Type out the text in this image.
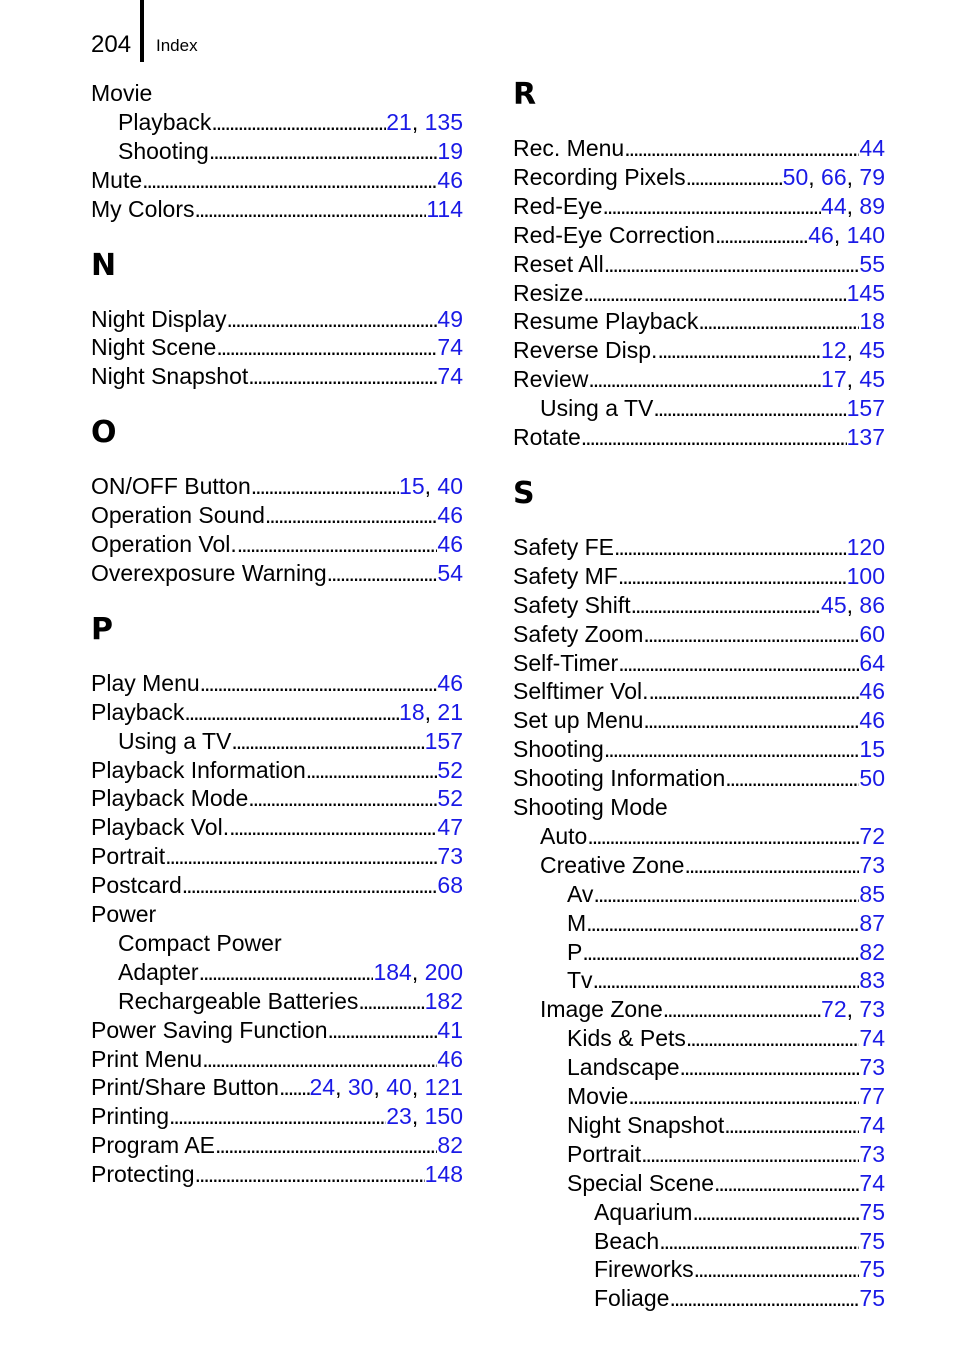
204 Index
Movie
Playback . . .	21, 135
Shooting . . .	19
Mute . . .	46
My Colors . . .	114
N
Night Display . . .	49
Night Scene . . .	74
Night Snapshot . . .	74
O
ON/OFF Button . . .	15, 40
Operation Sound . . .	46
Operation Vol. . . .	46
Overexposure Warning . . .	54
P
Play Menu . . .	46
Playback . . .	18, 21
Using a TV . . .	157
Playback Information . . .	52
Playback Mode . . .	52
Playback Vol. . . .	47
Portrait . . .	73
Postcard . . .	68
Power
Compact Power
Adapter . . .	184, 200
Rechargeable Batteries . . .	182
Power Saving Function . . .	41
Print Menu . . .	46
Print/Share Button . . . 24, 30, 40, 121
Printing . . .	23, 150
Program AE . . .	82
Protecting . . .	148
R
Rec. Menu . . .	44
Recording Pixels . . .	50, 66, 79
Red-Eye . . .	44, 89
Red-Eye Correction . . .	46, 140
Reset All . . .	55
Resize . . .	145
Resume Playback . . .	18
Reverse Disp. . . .	12, 45
Review . . .	17, 45
Using a TV . . .	157
Rotate . . .	137
S
Safety FE . . .	120
Safety MF . . .	100
Safety Shift . . .	45, 86
Safety Zoom . . .	60
Self-Timer . . .	64
Selftimer Vol. . . .	46
Set up Menu . . .	46
Shooting . . .	15
Shooting Information . . .	50
Shooting Mode
Auto . . .	72
Creative Zone . . .	73
Av . . .	85
M . . .	87
P . . .	82
Tv . . .	83
Image Zone . . .	72, 73
Kids & Pets . . .	74
Landscape . . .	73
Movie . . .	77
Night Snapshot . . .	74
Portrait . . .	73
Special Scene . . .	74
Aquarium . . .	75
Beach . . .	75
Fireworks . . .	75
Foliage . . .	75
